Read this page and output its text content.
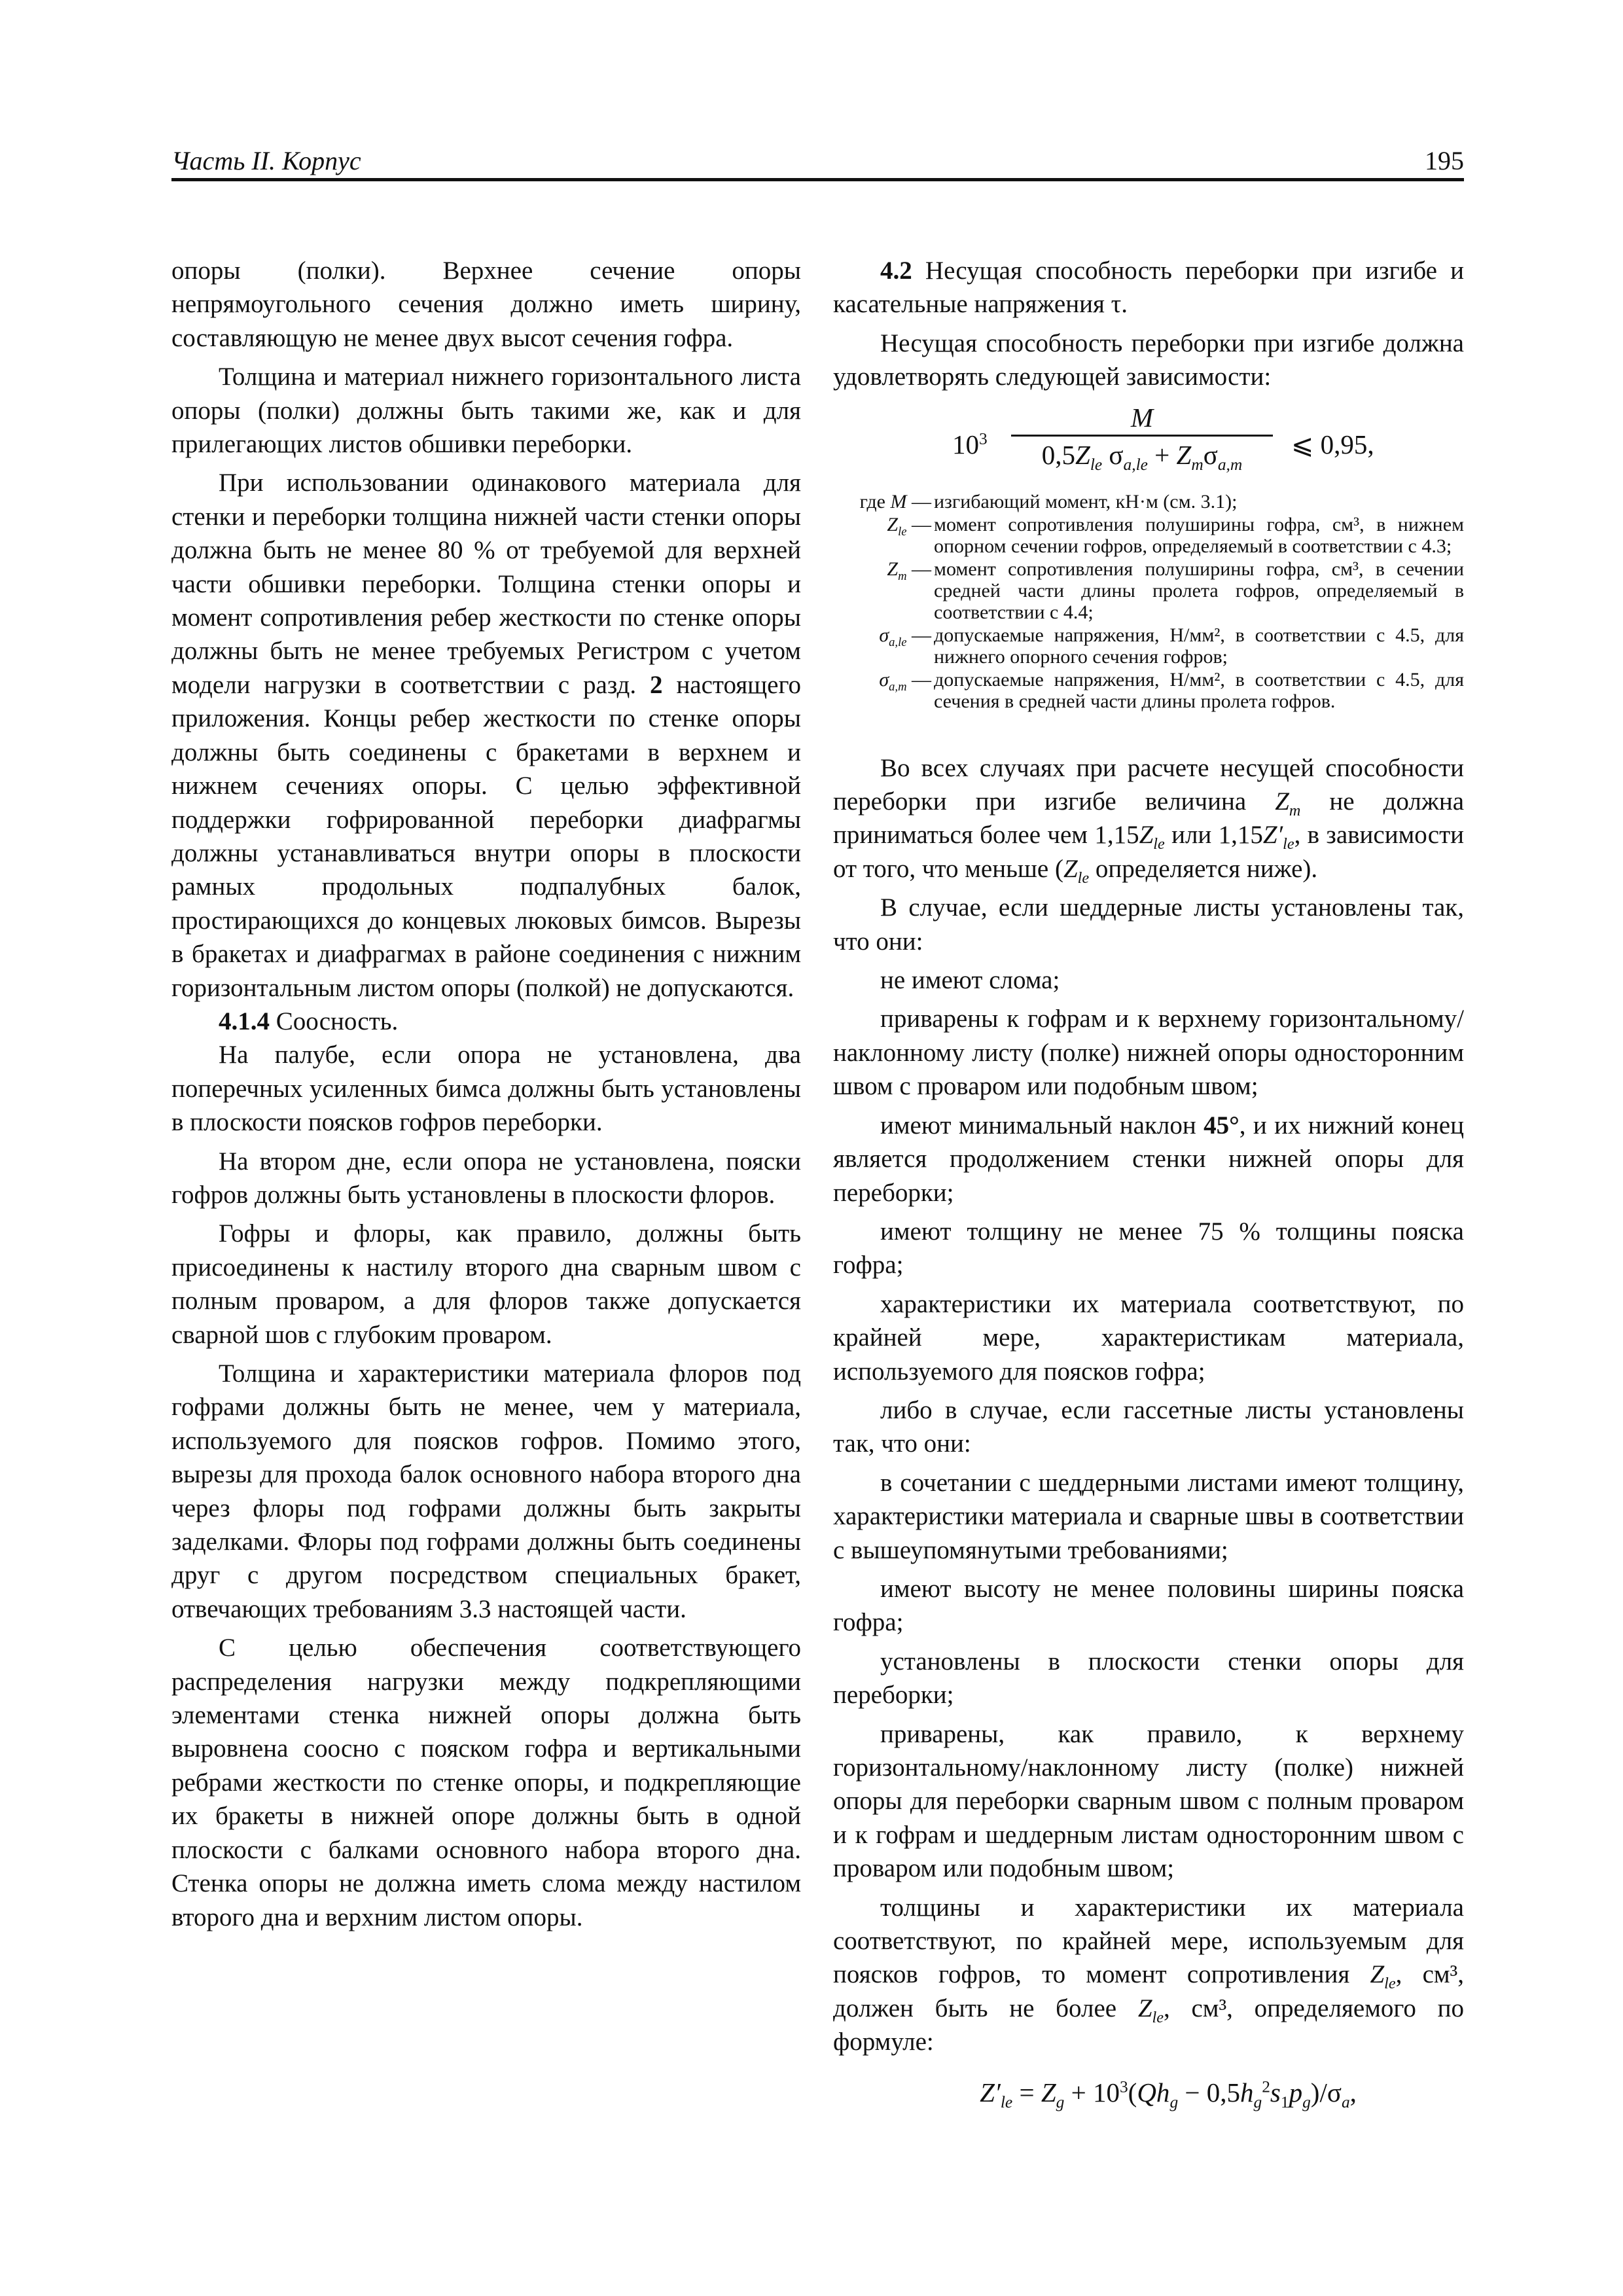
Часть II. Корпус	195

опоры (полки). Верхнее сечение опоры непрямоугольного сечения должно иметь ширину, составляющую не менее двух высот сечения гофра.

Толщина и материал нижнего горизонтального листа опоры (полки) должны быть такими же, как и для прилегающих листов обшивки переборки.

При использовании одинакового материала для стенки и переборки толщина нижней части стенки опоры должна быть не менее 80 % от требуемой для верхней части обшивки переборки. Толщина стенки опоры и момент сопротивления ребер жесткости по стенке опоры должны быть не менее требуемых Регистром с учетом модели нагрузки в соответствии с разд. 2 настоящего приложения. Концы ребер жесткости по стенке опоры должны быть соединены с бракетами в верхнем и нижнем сечениях опоры. С целью эффективной поддержки гофрированной переборки диафрагмы должны устанавливаться внутри опоры в плоскости рамных продольных подпалубных балок, простирающихся до концевых люковых бимсов. Вырезы в бракетах и диафрагмах в районе соединения с нижним горизонтальным листом опоры (полкой) не допускаются.

4.1.4 Соосность.

На палубе, если опора не установлена, два поперечных усиленных бимса должны быть установлены в плоскости поясков гофров переборки.

На втором дне, если опора не установлена, пояски гофров должны быть установлены в плоскости флоров.

Гофры и флоры, как правило, должны быть присоединены к настилу второго дна сварным швом с полным проваром, а для флоров также допускается сварной шов с глубоким проваром.

Толщина и характеристики материала флоров под гофрами должны быть не менее, чем у материала, используемого для поясков гофров. Помимо этого, вырезы для прохода балок основного набора второго дна через флоры под гофрами должны быть закрыты заделками. Флоры под гофрами должны быть соединены друг с другом посредством специальных бракет, отвечающих требованиям 3.3 настоящей части.

С целью обеспечения соответствующего распределения нагрузки между подкрепляющими элементами стенка нижней опоры должна быть выровнена соосно с пояском гофра и вертикальными ребрами жесткости по стенке опоры, и подкрепляющие их бракеты в нижней опоре должны быть в одной плоскости с балками основного набора второго дна. Стенка опоры не должна иметь слома между настилом второго дна и верхним листом опоры.

4.2 Несущая способность переборки при изгибе и касательные напряжения τ.

Несущая способность переборки при изгибе должна удовлетворять следующей зависимости:

$10^3$
M
$0,5Z_{le}$ $\sigma_{a,le} + Z_m\sigma_{a,m}$
⩽ 0,95,
где M — изгибающий момент, кН·м (см. 3.1);
$Z_{le}$ — момент сопротивления полуширины гофра, см³, в нижнем опорном сечении гофров, определяемый в соответствии с 4.3;
$Z_m$ — момент сопротивления полуширины гофра, см³, в сечении средней части длины пролета гофров, определяемый в соответствии с 4.4;
$\sigma_{a,le}$ — допускаемые напряжения, Н/мм², в соответствии с 4.5, для нижнего опорного сечения гофров;
$\sigma_{a,m}$ — допускаемые напряжения, Н/мм², в соответствии с 4.5, для сечения в средней части длины пролета гофров.

Во всех случаях при расчете несущей способности переборки при изгибе величина $Z_m$ не должна приниматься более чем $1,15Z_{le}$ или $1,15Z'_{le}$, в зависимости от того, что меньше ($Z_{le}$ определяется ниже).

В случае, если шеддерные листы установлены так, что они:

не имеют слома;

приварены к гофрам и к верхнему горизонтальному/наклонному листу (полке) нижней опоры односторонним швом с проваром или подобным швом;

имеют минимальный наклон 45°, и их нижний конец является продолжением стенки нижней опоры для переборки;

имеют толщину не менее 75 % толщины пояска гофра;

характеристики их материала соответствуют, по крайней мере, характеристикам материала, используемого для поясков гофра;

либо в случае, если гассетные листы установлены так, что они:

в сочетании с шеддерными листами имеют толщину, характеристики материала и сварные швы в соответствии с вышеупомянутыми требованиями;

имеют высоту не менее половины ширины пояска гофра;

установлены в плоскости стенки опоры для переборки;

приварены, как правило, к верхнему горизонтальному/наклонному листу (полке) нижней опоры для переборки сварным швом с полным проваром и к гофрам и шеддерным листам односторонним швом с проваром или подобным швом;

толщины и характеристики их материала соответствуют, по крайней мере, используемым для поясков гофров, то момент сопротивления $Z_{le}$, см³, должен быть не более $Z_{le}$, см³, определяемого по формуле:

$Z'_{le} = Z_g + 10^3(Qh_g - 0,5h_g^2s_1p_g)/\sigma_a$,
